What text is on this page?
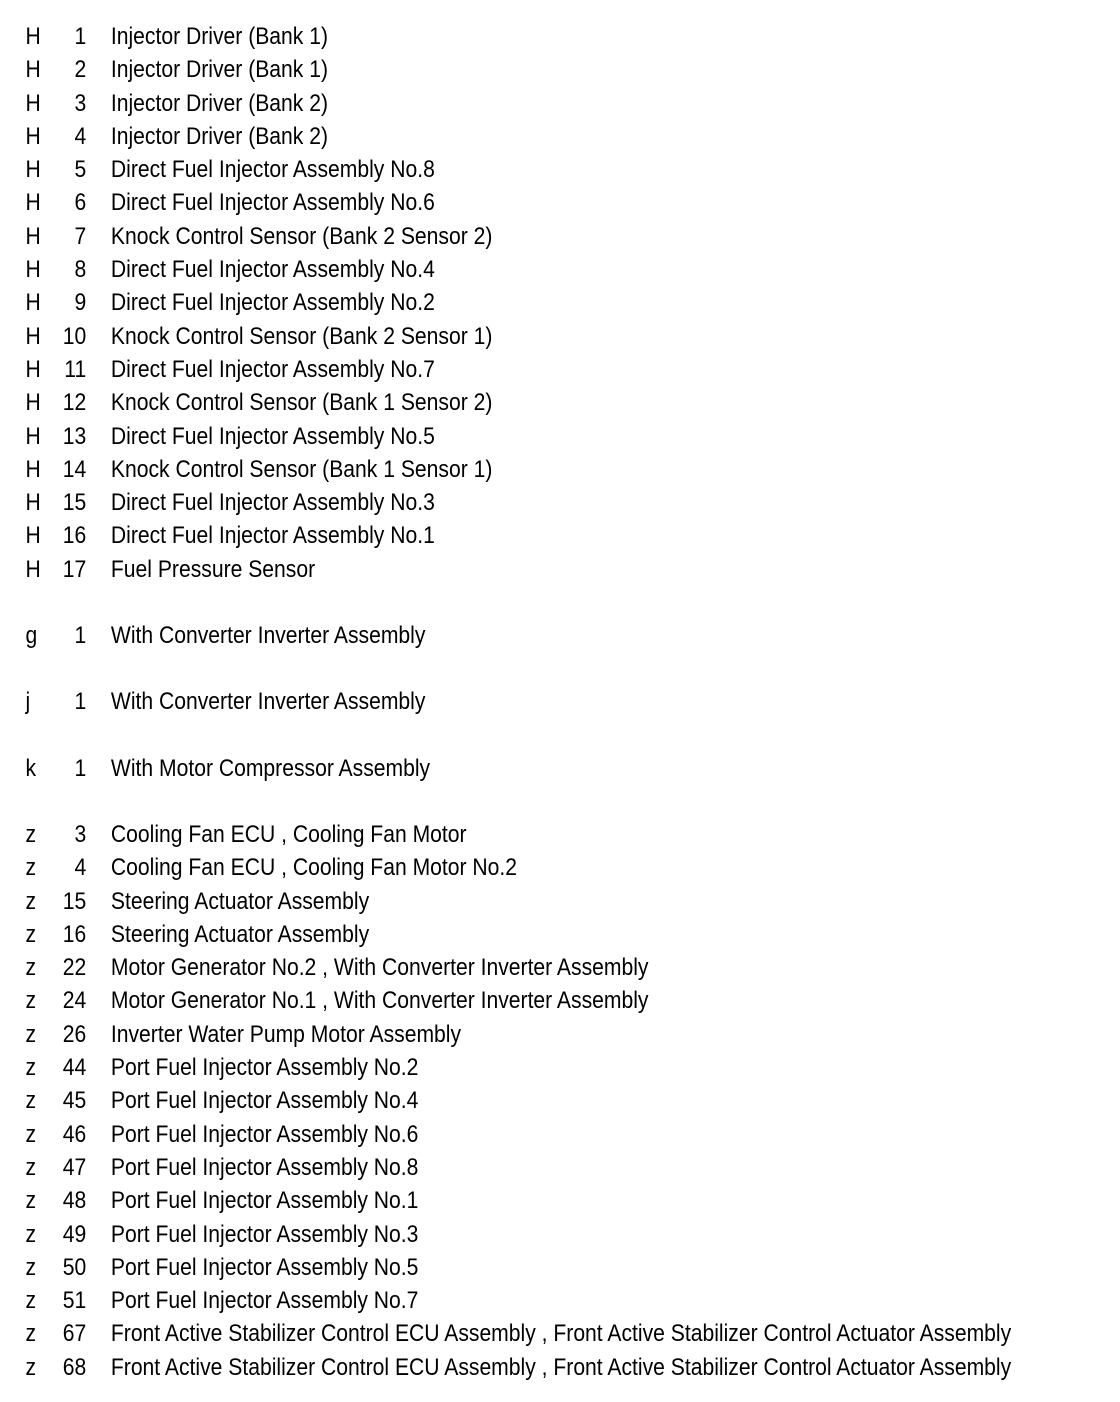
H	1 Injector Driver (Bank 1)
H	2 Injector Driver (Bank 1)
H	3 Injector Driver (Bank 2)
H	4 Injector Driver (Bank 2)
H	5 Direct Fuel Injector Assembly No.8
H	6 Direct Fuel Injector Assembly No.6
H	7 Knock Control Sensor (Bank 2 Sensor 2)
H	8 Direct Fuel Injector Assembly No.4
H	9 Direct Fuel Injector Assembly No.2
H 10 Knock Control Sensor (Bank 2 Sensor 1)
H 11 Direct Fuel Injector Assembly No.7
H 12 Knock Control Sensor (Bank 1 Sensor 2)
H 13 Direct Fuel Injector Assembly No.5
H 14 Knock Control Sensor (Bank 1 Sensor 1)
H 15 Direct Fuel Injector Assembly No.3
H 16 Direct Fuel Injector Assembly No.1
H 17 Fuel Pressure Sensor
g	1 With Converter Inverter Assembly
j	1 With Converter Inverter Assembly
k	1 With Motor Compressor Assembly
z	3 Cooling Fan ECU , Cooling Fan Motor
z	4 Cooling Fan ECU , Cooling Fan Motor No.2
z	15 Steering Actuator Assembly
z	16 Steering Actuator Assembly
z	22 Motor Generator No.2 , With Converter Inverter Assembly
z	24 Motor Generator No.1 , With Converter Inverter Assembly
z	26 Inverter Water Pump Motor Assembly
z	44 Port Fuel Injector Assembly No.2
z	45 Port Fuel Injector Assembly No.4
z	46 Port Fuel Injector Assembly No.6
z	47 Port Fuel Injector Assembly No.8
z	48 Port Fuel Injector Assembly No.1
z	49 Port Fuel Injector Assembly No.3
z	50 Port Fuel Injector Assembly No.5
z	51 Port Fuel Injector Assembly No.7
z	67 Front Active Stabilizer Control ECU Assembly , Front Active Stabilizer Control Actuator Assembly
z	68 Front Active Stabilizer Control ECU Assembly , Front Active Stabilizer Control Actuator Assembly
